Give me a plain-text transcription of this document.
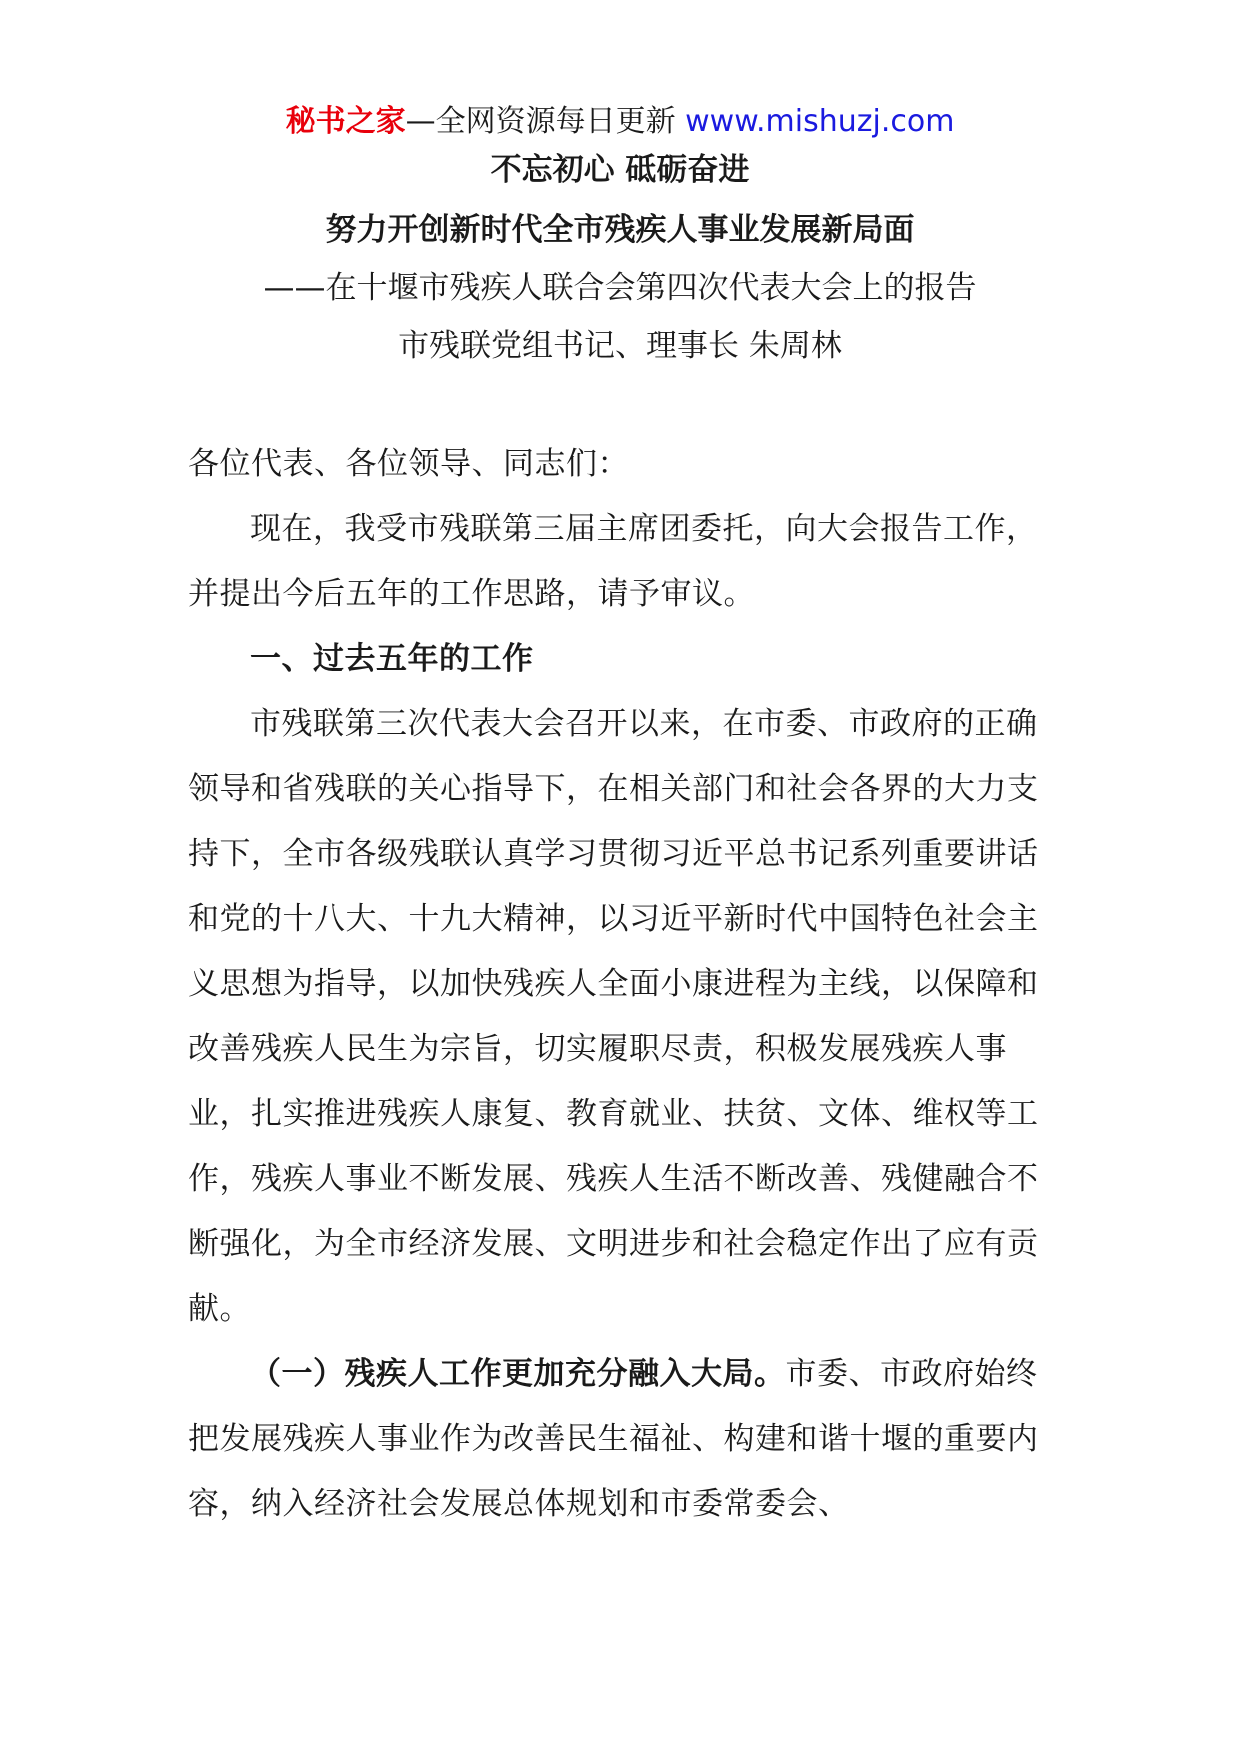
秘书之家—全网资源每日更新 www.mishuzj.com
不忘初心 砥砺奋进
努力开创新时代全市残疾人事业发展新局面
——在十堰市残疾人联合会第四次代表大会上的报告
市残联党组书记、理事长 朱周林

各位代表、各位领导、同志们：

现在，我受市残联第三届主席团委托，向大会报告工作，并提出今后五年的工作思路，请予审议。

一、过去五年的工作

市残联第三次代表大会召开以来，在市委、市政府的正确领导和省残联的关心指导下，在相关部门和社会各界的大力支持下，全市各级残联认真学习贯彻习近平总书记系列重要讲话和党的十八大、十九大精神，以习近平新时代中国特色社会主义思想为指导，以加快残疾人全面小康进程为主线，以保障和改善残疾人民生为宗旨，切实履职尽责，积极发展残疾人事业，扎实推进残疾人康复、教育就业、扶贫、文体、维权等工作，残疾人事业不断发展、残疾人生活不断改善、残健融合不断强化，为全市经济发展、文明进步和社会稳定作出了应有贡献。

（一）残疾人工作更加充分融入大局。市委、市政府始终把发展残疾人事业作为改善民生福祉、构建和谐十堰的重要内容，纳入经济社会发展总体规划和市委常委会、
